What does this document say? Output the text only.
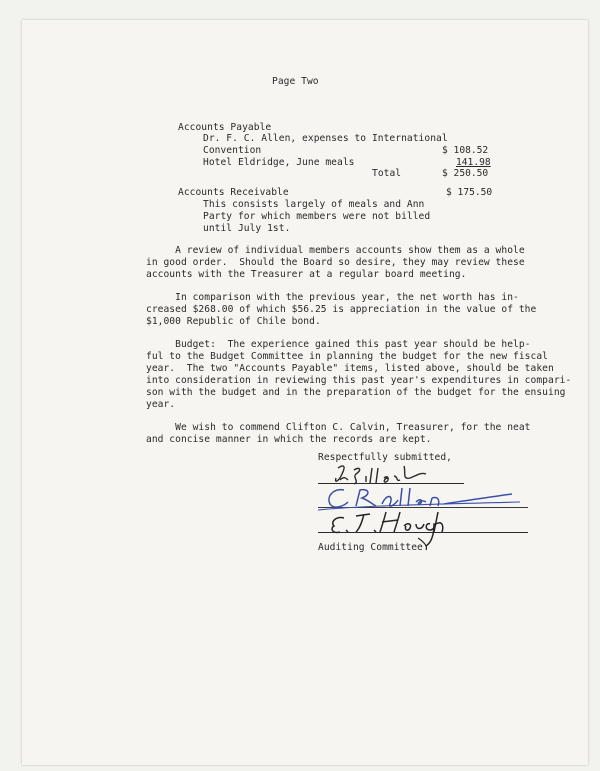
Page Two
Accounts Payable
Dr. F. C. Allen, expenses to International
Convention	$ 108.52
Hotel Eldridge, June meals	141.98
Total	$ 250.50
Accounts Receivable	$ 175.50
This consists largely of meals and Ann
Party for which members were not billed
until July 1st.
A review of individual members accounts show them as a whole
in good order.  Should the Board so desire, they may review these
accounts with the Treasurer at a regular board meeting.
In comparison with the previous year, the net worth has in-
creased $268.00 of which $56.25 is appreciation in the value of the
$1,000 Republic of Chile bond.
Budget:  The experience gained this past year should be help-
ful to the Budget Committee in planning the budget for the new fiscal
year.  The two "Accounts Payable" items, listed above, should be taken
into consideration in reviewing this past year's expenditures in compari-
son with the budget and in the preparation of the budget for the ensuing
year.
We wish to commend Clifton C. Calvin, Treasurer, for the neat
and concise manner in which the records are kept.
Respectfully submitted,
Auditing Committee
